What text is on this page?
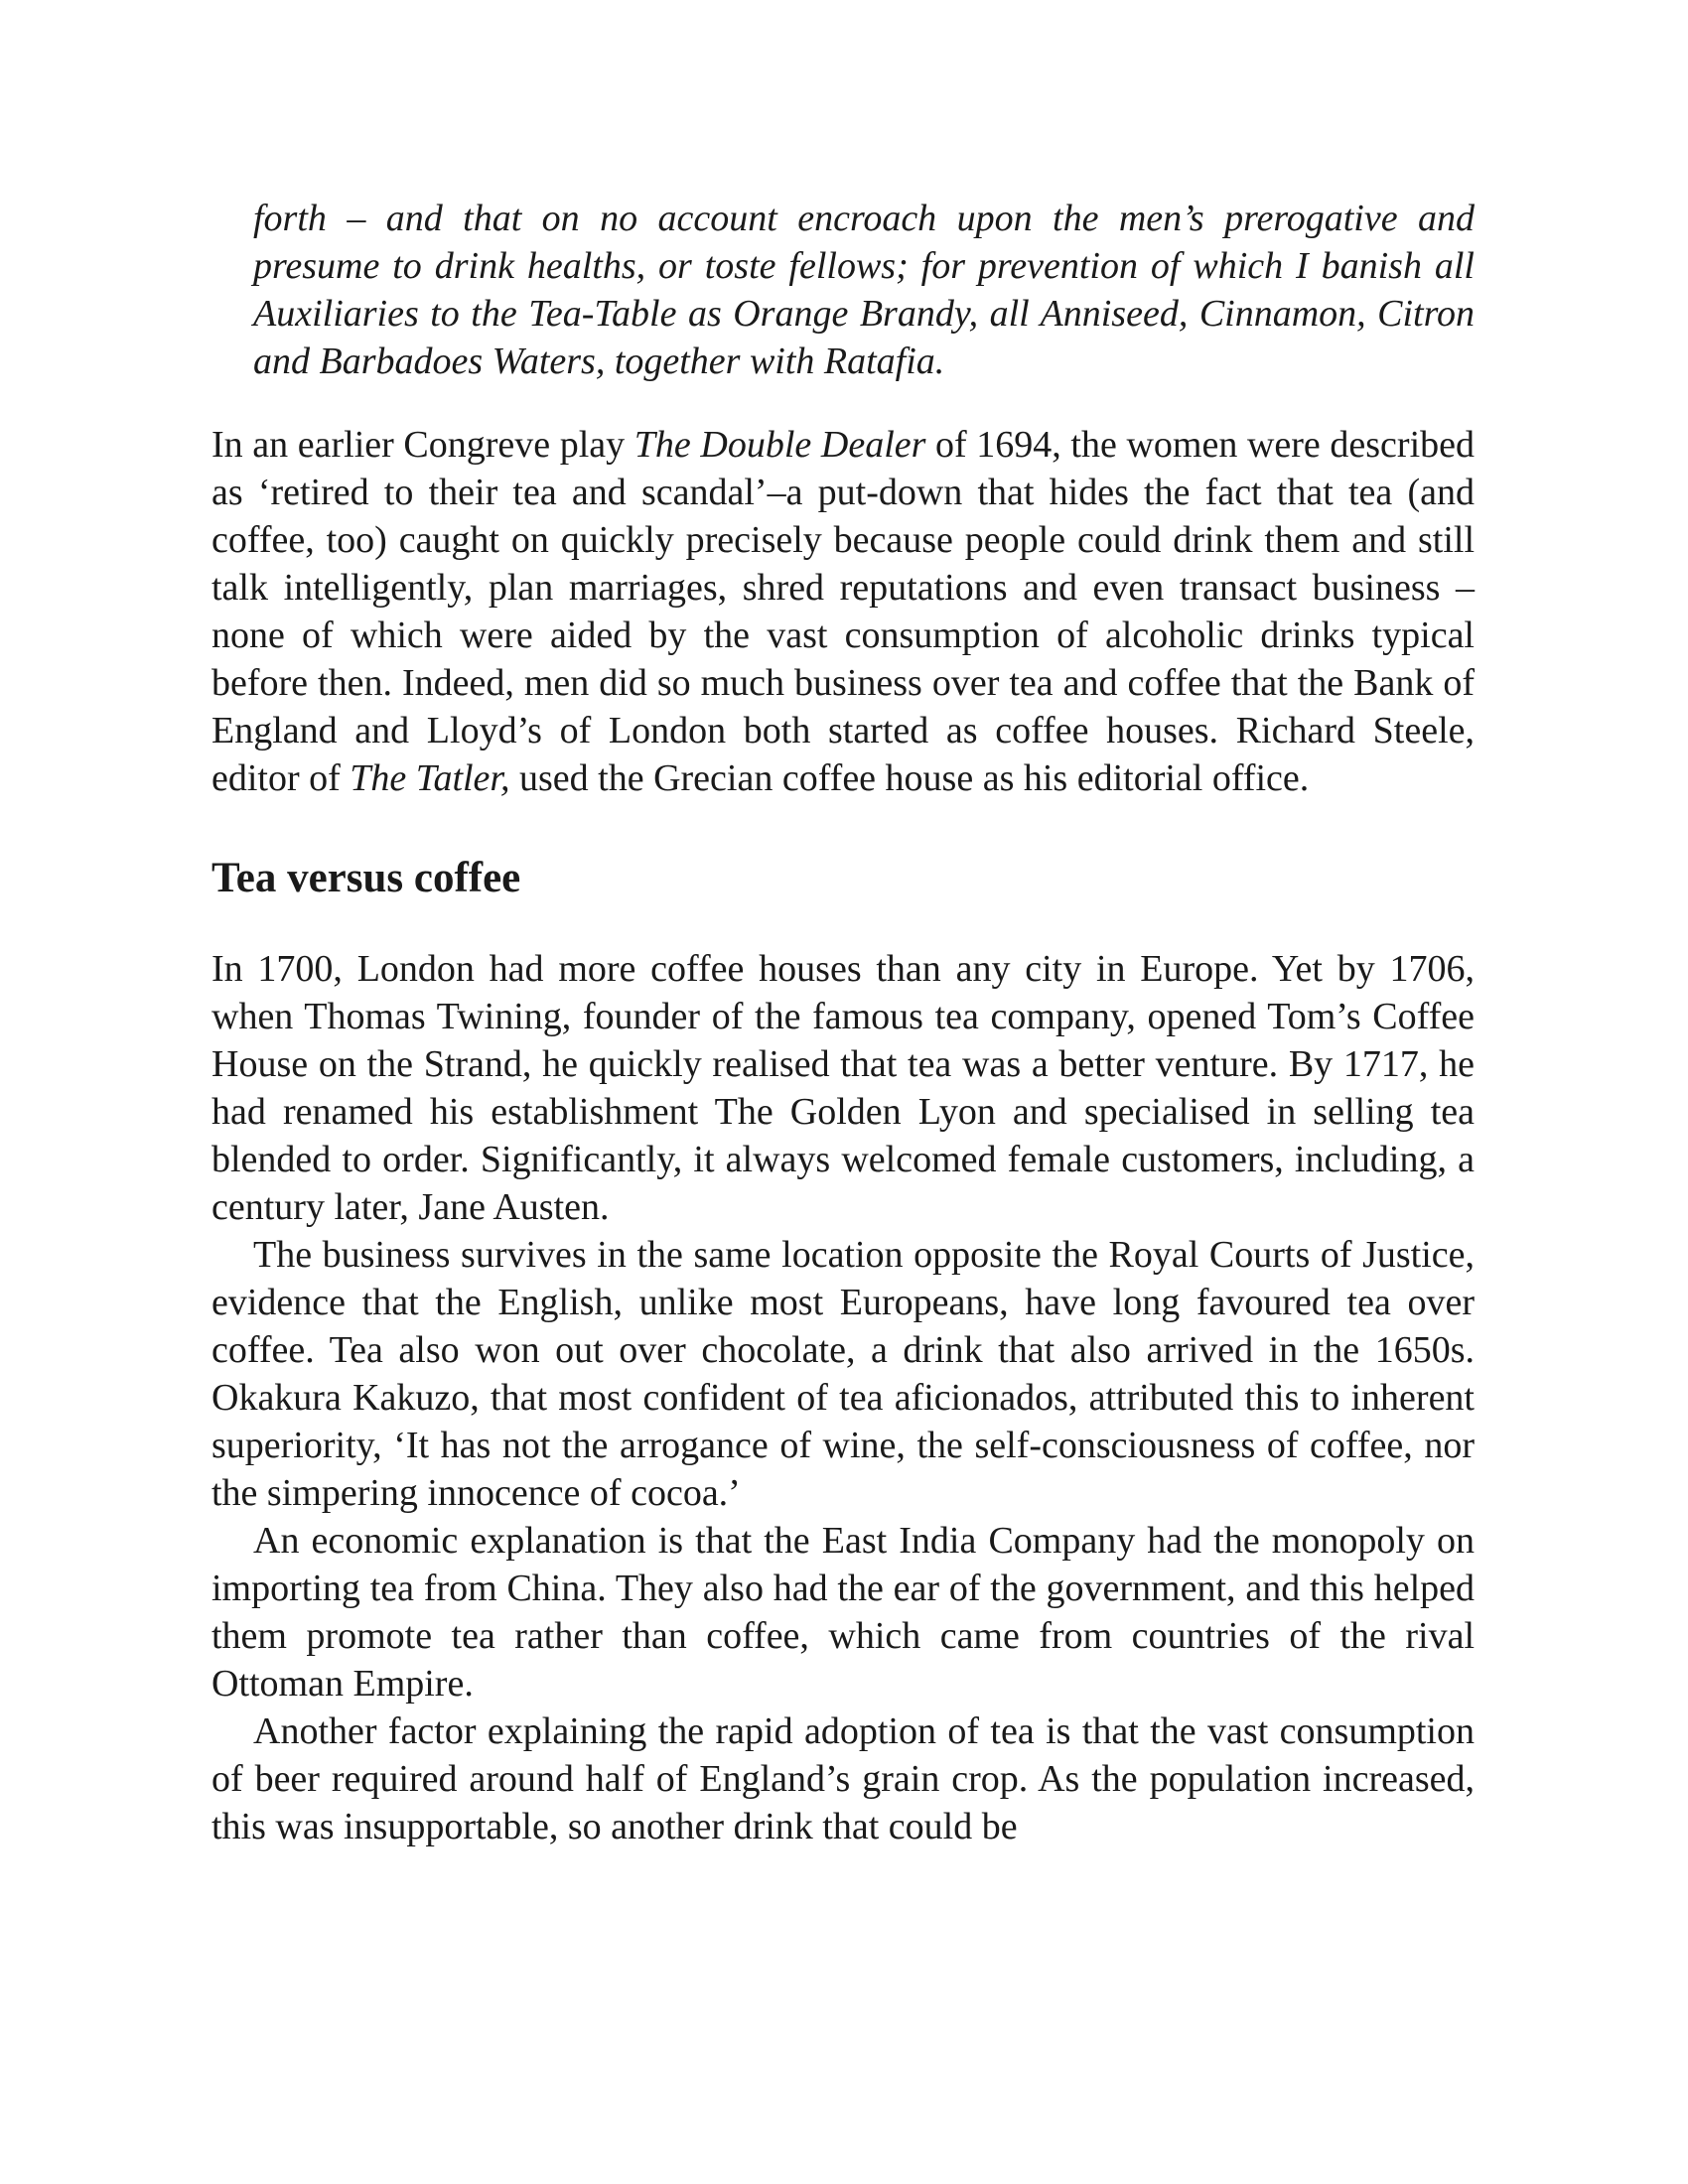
forth – and that on no account encroach upon the men’s prerogative and presume to drink healths, or toste fellows; for prevention of which I banish all Auxiliaries to the Tea-Table as Orange Brandy, all Anniseed, Cinnamon, Citron and Barbadoes Waters, together with Ratafia.

In an earlier Congreve play The Double Dealer of 1694, the women were described as ‘retired to their tea and scandal’–a put-down that hides the fact that tea (and coffee, too) caught on quickly precisely because people could drink them and still talk intelligently, plan marriages, shred reputations and even transact business – none of which were aided by the vast consumption of alcoholic drinks typical before then. Indeed, men did so much business over tea and coffee that the Bank of England and Lloyd’s of London both started as coffee houses. Richard Steele, editor of The Tatler, used the Grecian coffee house as his editorial office.

Tea versus coffee

In 1700, London had more coffee houses than any city in Europe. Yet by 1706, when Thomas Twining, founder of the famous tea company, opened Tom’s Coffee House on the Strand, he quickly realised that tea was a better venture. By 1717, he had renamed his establishment The Golden Lyon and specialised in selling tea blended to order. Significantly, it always welcomed female customers, including, a century later, Jane Austen.

The business survives in the same location opposite the Royal Courts of Justice, evidence that the English, unlike most Europeans, have long favoured tea over coffee. Tea also won out over chocolate, a drink that also arrived in the 1650s. Okakura Kakuzo, that most confident of tea aficionados, attributed this to inherent superiority, ‘It has not the arrogance of wine, the self-consciousness of coffee, nor the simpering innocence of cocoa.’

An economic explanation is that the East India Company had the monopoly on importing tea from China. They also had the ear of the government, and this helped them promote tea rather than coffee, which came from countries of the rival Ottoman Empire.

Another factor explaining the rapid adoption of tea is that the vast consumption of beer required around half of England’s grain crop. As the population increased, this was insupportable, so another drink that could be
